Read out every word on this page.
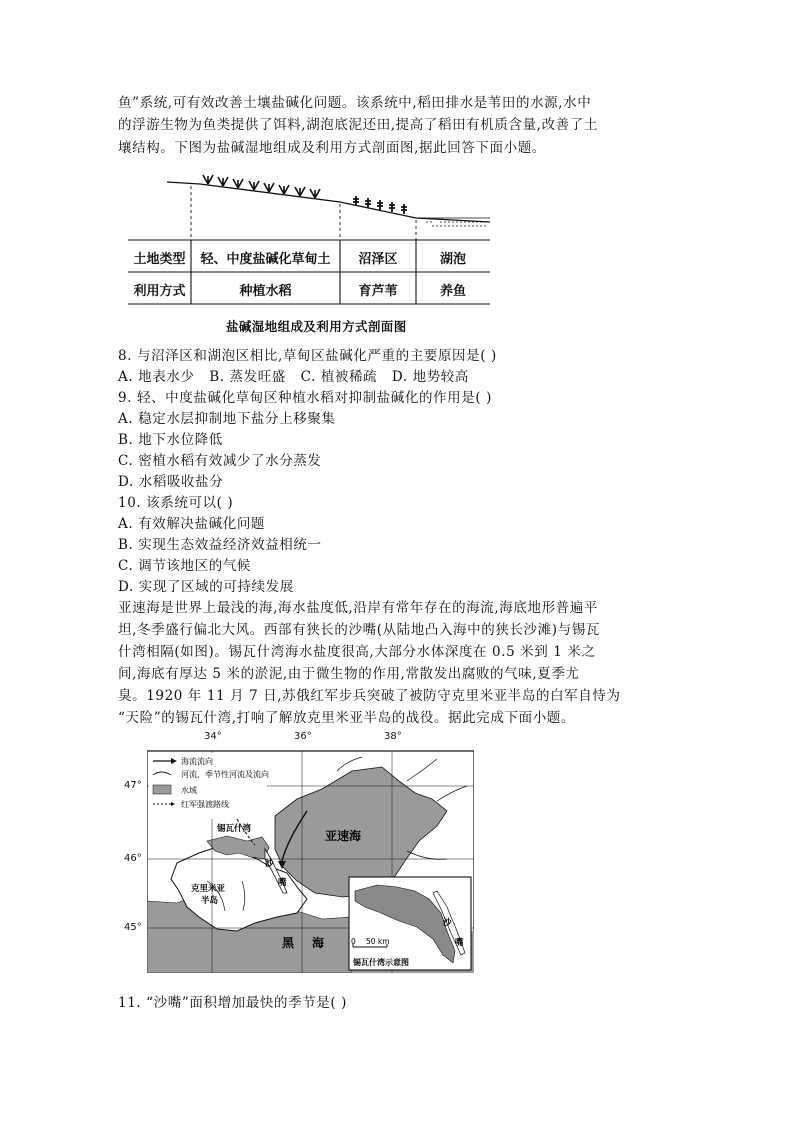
鱼”系统,可有效改善土壤盐碱化问题。该系统中,稻田排水是苇田的水源,水中

的浮游生物为鱼类提供了饵料,湖泡底泥还田,提高了稻田有机质含量,改善了土

壤结构。下图为盐碱湿地组成及利用方式剖面图,据此回答下面小题。

土地类型	轻、中度盐碱化草甸土	沼泽区	湖泡
利用方式	种植水稻	育芦苇	养鱼
盐碱湿地组成及利用方式剖面图

8. 与沼泽区和湖泡区相比,草甸区盐碱化严重的主要原因是( )

A. 地表水少   B. 蒸发旺盛   C. 植被稀疏   D. 地势较高

9. 轻、中度盐碱化草甸区种植水稻对抑制盐碱化的作用是( )

A. 稳定水层抑制地下盐分上移聚集

B. 地下水位降低

C. 密植水稻有效减少了水分蒸发

D. 水稻吸收盐分

10. 该系统可以( )

A. 有效解决盐碱化问题

B. 实现生态效益经济效益相统一

C. 调节该地区的气候

D. 实现了区域的可持续发展

亚速海是世界上最浅的海,海水盐度低,沿岸有常年存在的海流,海底地形普遍平

坦,冬季盛行偏北大风。西部有狭长的沙嘴(从陆地凸入海中的狭长沙滩)与锡瓦

什湾相隔(如图)。锡瓦什湾海水盐度很高,大部分水体深度在 0.5 米到 1 米之

间,海底有厚达 5 米的淤泥,由于微生物的作用,常散发出腐败的气味,夏季尤

臭。1920 年 11 月 7 日,苏俄红军步兵突破了被防守克里米亚半岛的白军自恃为

“天险”的锡瓦什湾,打响了解放克里米亚半岛的战役。据此完成下面小题。

海流流向
河流、季节性河流及流向
水域
红军强渡路线
锡瓦什湾	亚速海
沙
嘴
克里米亚
半岛
黑 海	0 50 km
锡瓦什湾示意图
沙
嘴
34°	36°	38°
47°
46°
45°

11. “沙嘴”面积增加最快的季节是( )
